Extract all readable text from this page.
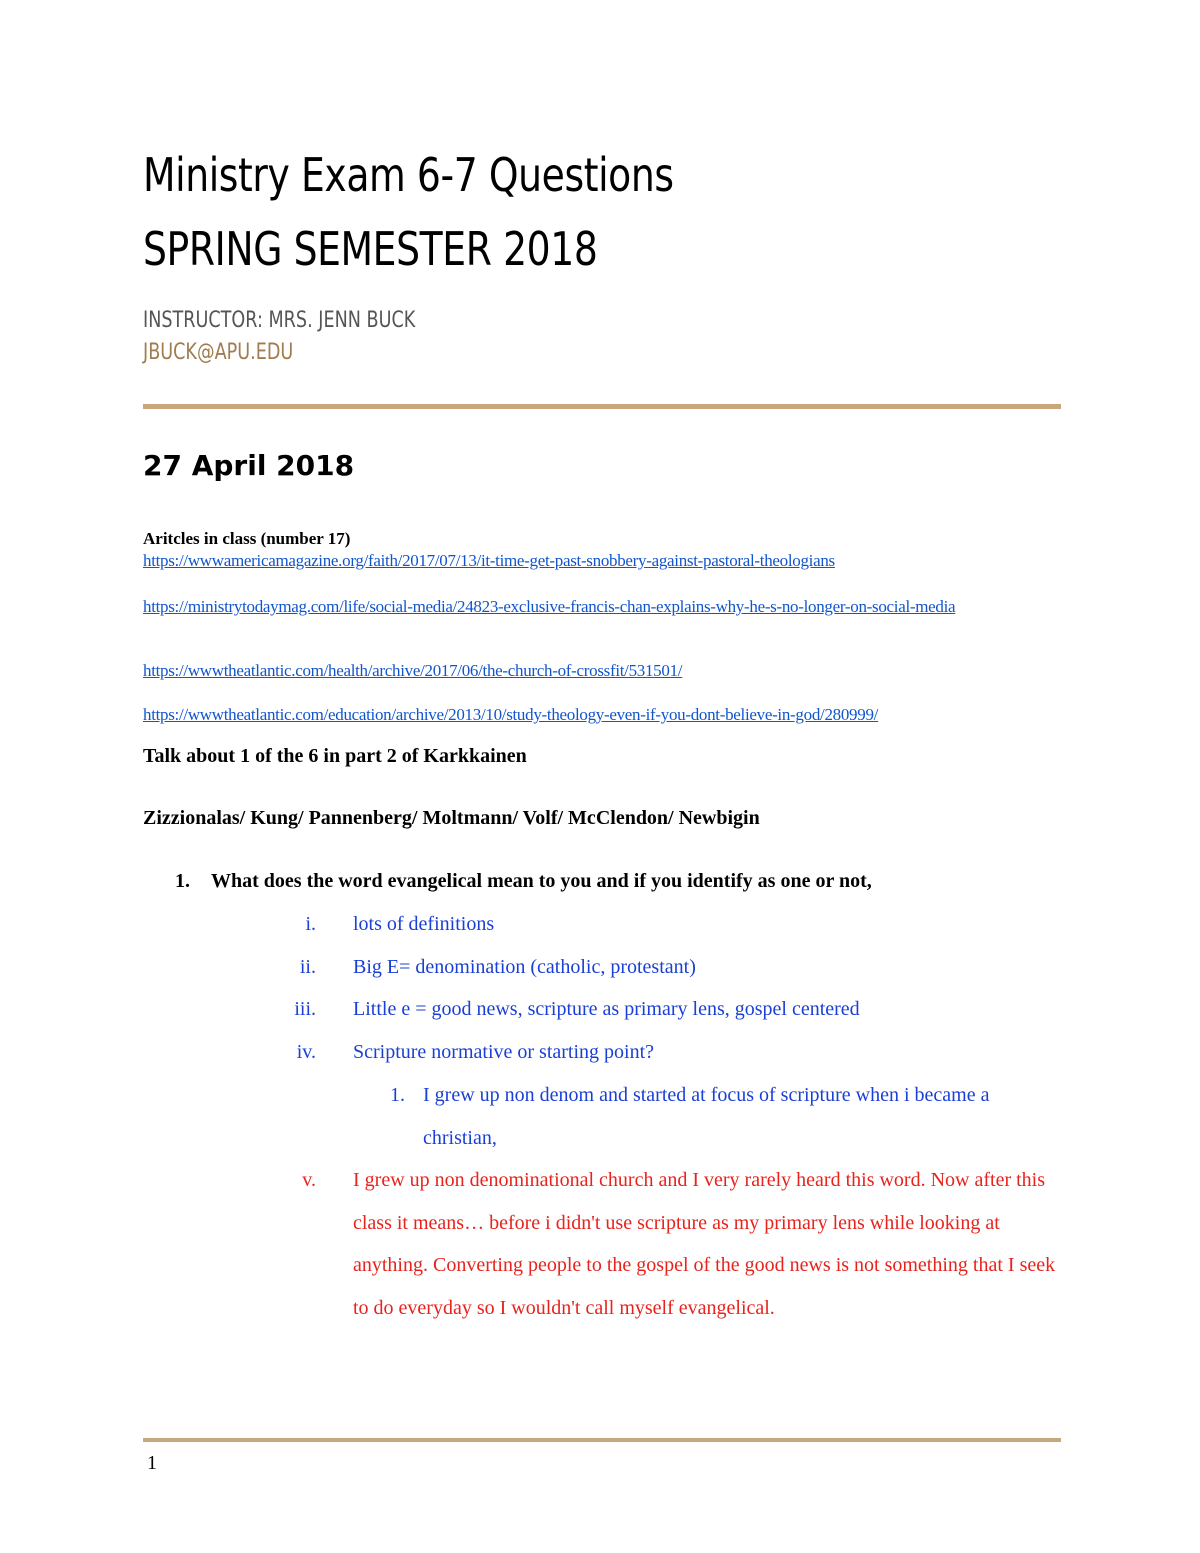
Ministry Exam 6-7 Questions
SPRING SEMESTER 2018
INSTRUCTOR: MRS. JENN BUCK
JBUCK@APU.EDU
27 April 2018
Aritcles in class (number 17)
https://wwwamericamagazine.org/faith/2017/07/13/it-time-get-past-snobbery-against-pastoral-theologians
https://ministrytodaymag.com/life/social-media/24823-exclusive-francis-chan-explains-why-he-s-no-longer-on-social-media
https://wwwtheatlantic.com/health/archive/2017/06/the-church-of-crossfit/531501/
https://wwwtheatlantic.com/education/archive/2013/10/study-theology-even-if-you-dont-believe-in-god/280999/
Talk about 1 of the 6 in part 2 of Karkkainen
Zizzionalas/ Kung/ Pannenberg/ Moltmann/ Volf/ McClendon/ Newbigin
1. What does the word evangelical mean to you and if you identify as one or not,
i. lots of definitions
ii. Big E= denomination (catholic, protestant)
iii. Little e = good news, scripture as primary lens, gospel centered
iv. Scripture normative or starting point?
1. I grew up non denom and started at focus of scripture when i became a christian,
v. I grew up non denominational church and I very rarely heard this word. Now after this class it means… before i didn't use scripture as my primary lens while looking at anything. Converting people to the gospel of the good news is not something that I seek to do everyday so I wouldn't call myself evangelical.
1
